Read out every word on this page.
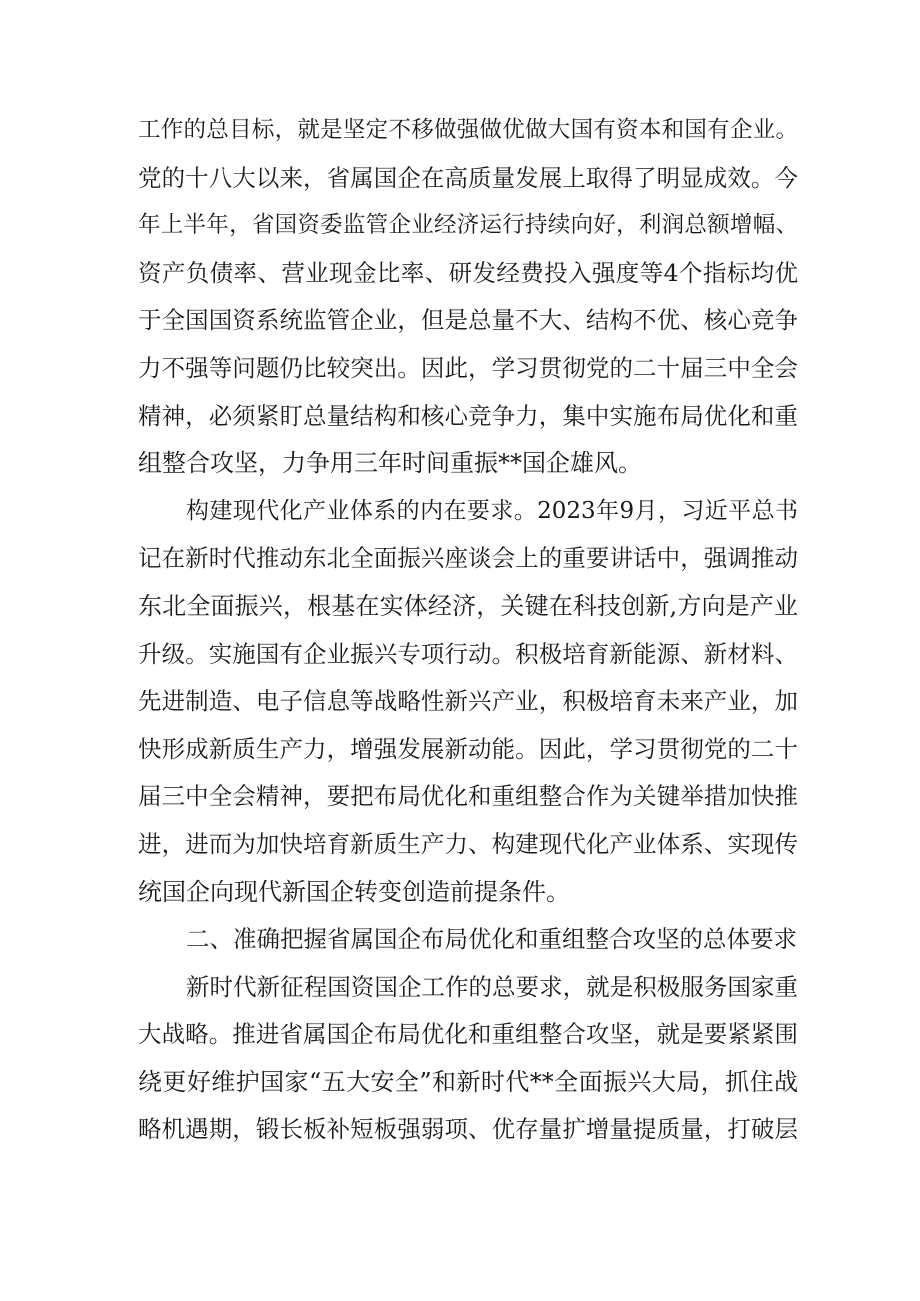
工作的总目标，就是坚定不移做强做优做大国有资本和国有企业。
党的十八大以来，省属国企在高质量发展上取得了明显成效。今
年上半年，省国资委监管企业经济运行持续向好，利润总额增幅、
资产负债率、营业现金比率、研发经费投入强度等4个指标均优
于全国国资系统监管企业，但是总量不大、结构不优、核心竞争
力不强等问题仍比较突出。因此，学习贯彻党的二十届三中全会
精神，必须紧盯总量结构和核心竞争力，集中实施布局优化和重
组整合攻坚，力争用三年时间重振**国企雄风。
构建现代化产业体系的内在要求。2023年9月，习近平总书
记在新时代推动东北全面振兴座谈会上的重要讲话中，强调推动
东北全面振兴，根基在实体经济，关键在科技创新,方向是产业
升级。实施国有企业振兴专项行动。积极培育新能源、新材料、
先进制造、电子信息等战略性新兴产业，积极培育未来产业，加
快形成新质生产力，增强发展新动能。因此，学习贯彻党的二十
届三中全会精神，要把布局优化和重组整合作为关键举措加快推
进，进而为加快培育新质生产力、构建现代化产业体系、实现传
统国企向现代新国企转变创造前提条件。
二、准确把握省属国企布局优化和重组整合攻坚的总体要求
新时代新征程国资国企工作的总要求，就是积极服务国家重
大战略。推进省属国企布局优化和重组整合攻坚，就是要紧紧围
绕更好维护国家“五大安全”和新时代**全面振兴大局，抓住战
略机遇期，锻长板补短板强弱项、优存量扩增量提质量，打破层
